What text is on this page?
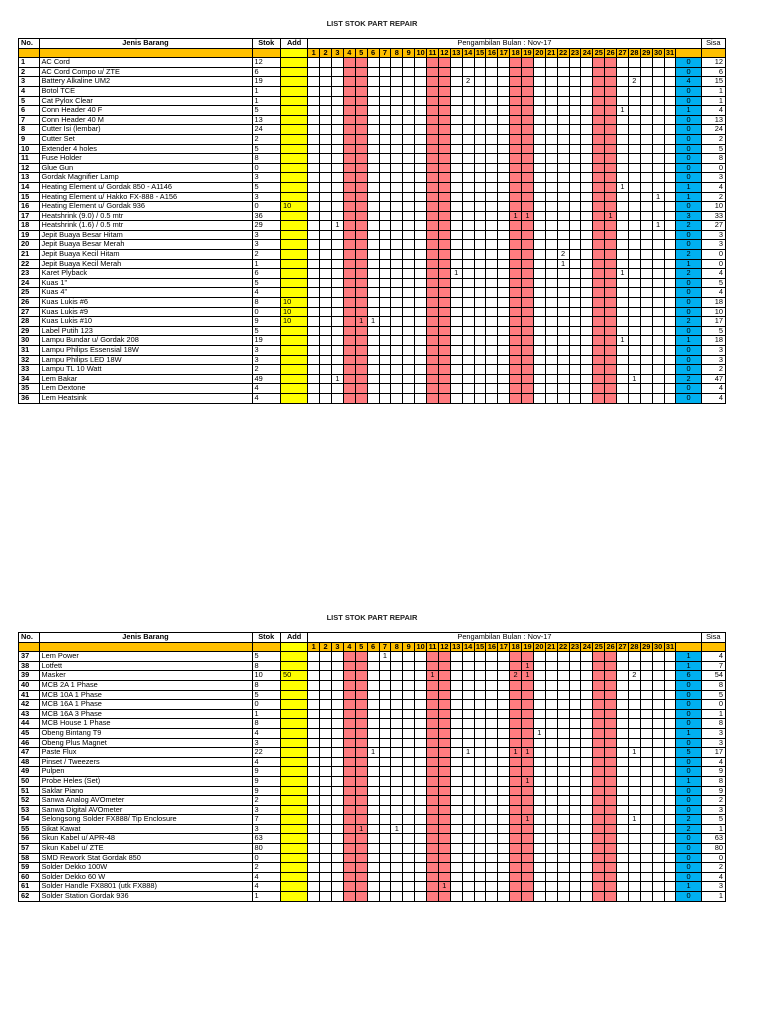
LIST STOK PART REPAIR
No.	Jenis Barang	Stok	Add	Pengambilan Bulan : Nov-17																																Sisa
				1	2	3	4	5	6	7	8	9	10	11	12	13	14	15	16	17	18	19	20	21	22	23	24	25	26	27	28	29	30	31		
1	AC Cord	12																																	0	12
2	AC Cord Compo u/ ZTE	6																																	0	6
3	Battery Alkaline UM2	19															2														2				4	15
4	Botol TCE	1																																	0	1
5	Cat Pylox Clear	1																																	0	1
6	Conn Header 40 F	5																												1					1	4
7	Conn Header 40 M	13																																	0	13
8	Cutter Isi (lembar)	24																																	0	24
9	Cutter Set	2																																	0	2
10	Extender 4 holes	5																																	0	5
11	Fuse Holder	8																																	0	8
12	Glue Gun	0																																	0	0
13	Gordak Magnifier Lamp	3																																	0	3
14	Heating Element u/ Gordak 850 - A1146	5																												1					1	4
15	Heating Element u/ Hakko FX-888 - A156	3																															1		1	2
16	Heating Element u/ Gordak 936	0	10																																0	10
17	Heatshrink (9.0) / 0.5 mtr	36																			1	1							1						3	33
18	Heatshrink (1.6) / 0.5 mtr	29				1																											1		2	27
19	Jepit Buaya Besar Hitam	3																																	0	3
20	Jepit Buaya Besar Merah	3																																	0	3
21	Jepit Buaya Kecil Hitam	2																							2										2	0
22	Jepit Buaya Kecil Merah	1																							1										1	0
23	Karet Plyback	6														1														1					2	4
24	Kuas 1"	5																																	0	5
25	Kuas 4"	4																																	0	4
26	Kuas Lukis #6	8	10																																0	18
27	Kuas Lukis #9	0	10																																0	10
28	Kuas Lukis #10	9	10					1	1																										2	17
29	Label Putih 123	5																																	0	5
30	Lampu Bundar u/ Gordak 208	19																												1					1	18
31	Lampu Philips Essensial 18W	3																																	0	3
32	Lampu Philips LED 18W	3																																	0	3
33	Lampu TL 10 Watt	2																																	0	2
34	Lem Bakar	49				1																									1				2	47
35	Lem Dextone	4																																	0	4
36	Lem Heatsink	4																																	0	4
LIST STOK PART REPAIR
No.	Jenis Barang	Stok	Add	Pengambilan Bulan : Nov-17																																Sisa
				1	2	3	4	5	6	7	8	9	10	11	12	13	14	15	16	17	18	19	20	21	22	23	24	25	26	27	28	29	30	31		
37	Lem Power	5								1																									1	4
38	Lotfett	8																				1													1	7
39	Masker	10	50											1							2	1									2				6	54
40	MCB 2A 1 Phase	8																																	0	8
41	MCB 10A 1 Phase	5																																	0	5
42	MCB 16A 1 Phase	0																																	0	0
43	MCB 16A 3 Phase	1																																	0	1
44	MCB House 1 Phase	8																																	0	8
45	Obeng Bintang T9	4																					1												1	3
46	Obeng Plus Magnet	3																																	0	3
47	Paste Flux	22							1								1				1	1									1				5	17
48	Pinset / Tweezers	4																																	0	4
49	Pulpen	9																																	0	9
50	Probe Heles (Set)	9																				1													1	8
51	Saklar Piano	9																																	0	9
52	Sanwa Analog AVOmeter	2																																	0	2
53	Sanwa Digital AVOmeter	3																																	0	3
54	Selongsong Solder FX888/ Tip Enclosure	7																				1									1				2	5
55	Sikat Kawat	3						1			1																								2	1
56	Skun Kabel u/ APR-48	63																																	0	63
57	Skun Kabel u/ ZTE	80																																	0	80
58	SMD Rework Stat Gordak 850	0																																	0	0
59	Solder Dekko 100W	2																																	0	2
60	Solder Dekko 60 W	4																																	0	4
61	Solder Handle FX8801 (utk FX888)	4													1																				1	3
62	Solder Station Gordak 936	1																																	0	1
